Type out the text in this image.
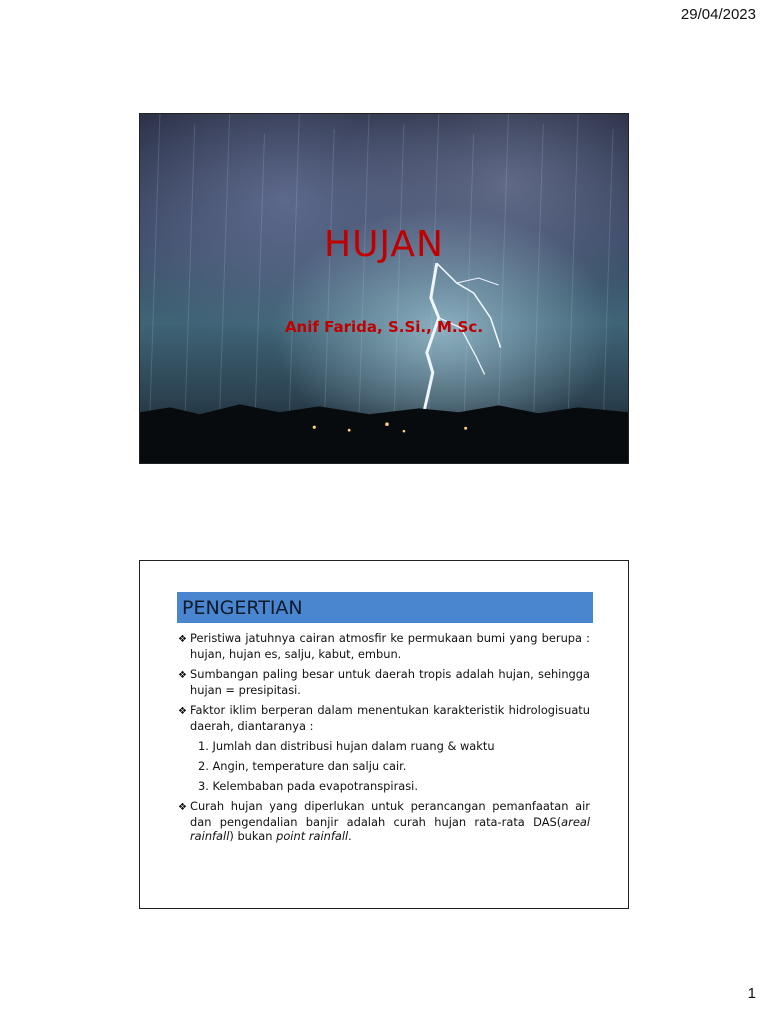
29/04/2023
HUJAN
Anif Farida, S.Si., M.Sc.
PENGERTIAN
❖ Peristiwa jatuhnya cairan atmosfir ke permukaan bumi yang berupa : hujan, hujan es, salju, kabut, embun.
❖ Sumbangan paling besar untuk daerah tropis adalah hujan, sehingga hujan = presipitasi.
❖ Faktor iklim berperan dalam menentukan karakteristik hidrologisuatu daerah, diantaranya :
1. Jumlah dan distribusi hujan dalam ruang & waktu
2. Angin, temperature dan salju cair.
3. Kelembaban pada evapotranspirasi.
❖ Curah hujan yang diperlukan untuk perancangan pemanfaatan air dan pengendalian banjir adalah curah hujan rata-rata DAS(areal rainfall) bukan point rainfall.
1
